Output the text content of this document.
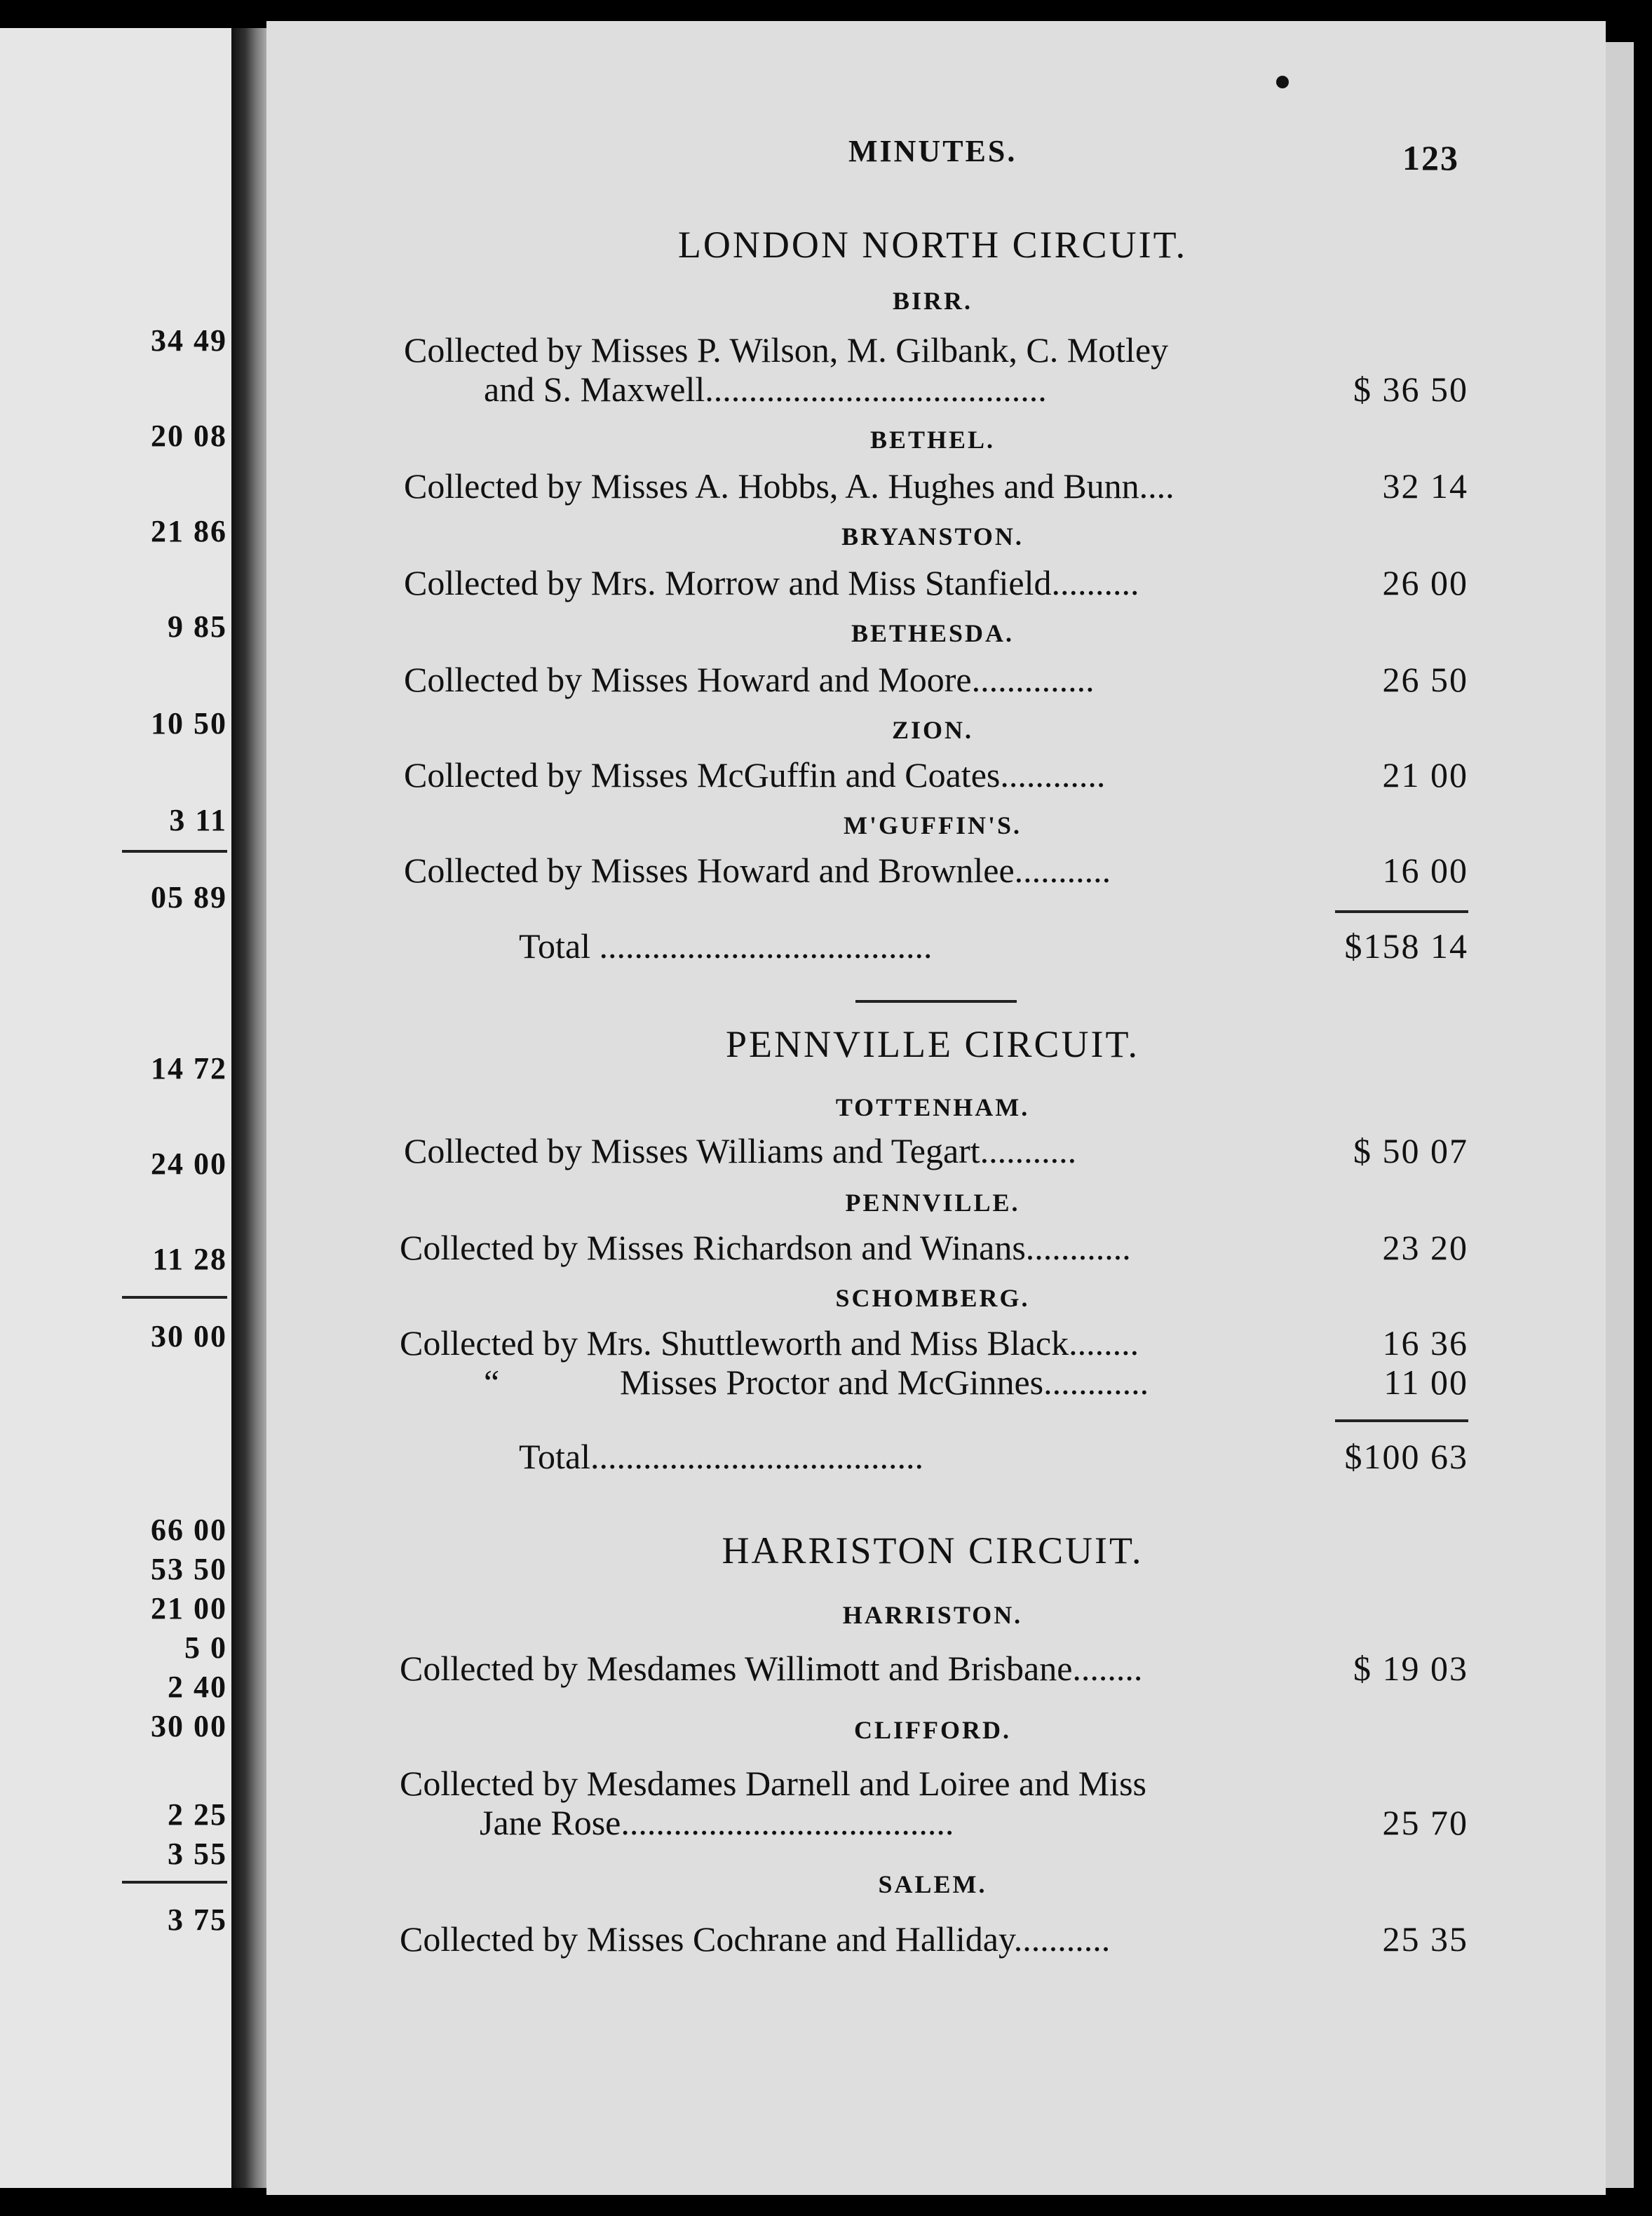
34 49
20 08
21 86
9 85
10 50
3 11
05 89
14 72
24 00
11 28
30 00
66 00
53 50
21 00
5 0
2 40
30 00
2 25
3 55
3 75
MINUTES.	123
LONDON NORTH CIRCUIT.
BIRR.
Collected by Misses P. Wilson, M. Gilbank, C. Motley
and S. Maxwell.......................................	$ 36 50
BETHEL.
Collected by Misses A. Hobbs, A. Hughes and Bunn....	32 14
BRYANSTON.
Collected by Mrs. Morrow and Miss Stanfield..........	26 00
BETHESDA.
Collected by Misses Howard and Moore..............	26 50
ZION.
Collected by Misses McGuffin and Coates............	21 00
M'GUFFIN'S.
Collected by Misses Howard and Brownlee...........	16 00
Total ......................................	$158 14
PENNVILLE CIRCUIT.
TOTTENHAM.
Collected by Misses Williams and Tegart...........	$ 50 07
PENNVILLE.
Collected by Misses Richardson and Winans............	23 20
SCHOMBERG.
Collected by Mrs. Shuttleworth and Miss Black........	16 36
“	Misses Proctor and McGinnes............	11 00
Total......................................	$100 63
HARRISTON CIRCUIT.
HARRISTON.
Collected by Mesdames Willimott and Brisbane........	$ 19 03
CLIFFORD.
Collected by Mesdames Darnell and Loiree and Miss
Jane Rose......................................	25 70
SALEM.
Collected by Misses Cochrane and Halliday...........	25 35
